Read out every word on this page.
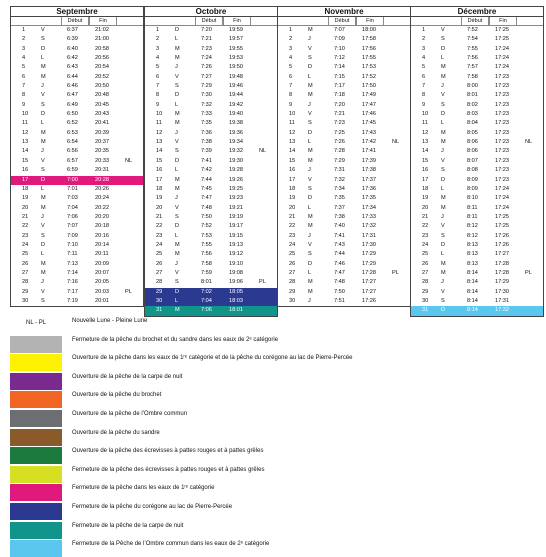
Septembre
Début	Fin
1	V	6:37	21:02
2	S	6:39	21:00
3	D	6:40	20:58
4	L	6:42	20:56
5	M	6:43	20:54
6	M	6:44	20:52
7	J	6:46	20:50
8	V	6:47	20:48
9	S	6:49	20:45
10 D	6:50	20:43
11 L	6:52	20:41
12 M	6:53	20:39
13 M	6:54	20:37
14 J	6:56	20:35
15 V	6:57	20:33	NL
16 S	6:59	20:31
17 D	7:00	20:28
18 L	7:01	20:26
19 M	7:03	20:24
20 M	7:04	20:22
21 J	7:06	20:20
22 V	7:07	20:18
23 S	7:09	20:16
24 D	7:10	20:14
25 L	7:11	20:11
26 M	7:13	20:09
27 M	7:14	20:07
28 J	7:16	20:05
29 V	7:17	20:03	PL
30 S	7:19	20:01
Octobre
Début	Fin
1	D	7:20	19:59
2	L	7:21	19:57
3	M	7:23	19:55
4	M	7:24	19:53
5	J	7:26	19:50
6	V	7:27	19:48
7	S	7:29	19:46
8	D	7:30	19:44
9	L	7:32	19:42
10 M	7:33	19:40
11 M	7:35	19:38
12 J	7:36	19:36
13 V	7:38	19:34
14 S	7:39	19:32	NL
15 D	7:41	19:30
16 L	7:42	19:28
17 M	7:44	19:26
18 M	7:45	19:25
19 J	7:47	19:23
20 V	7:48	19:21
21 S	7:50	19:19
22 D	7:52	19:17
23 L	7:53	19:15
24 M	7:55	19:13
25 M	7:56	19:12
26 J	7:58	19:10
27 V	7:59	19:08
28 S	8:01	19:06	PL
29 D	7:02	18:05
30 L	7:04	18:03
31 M	7:06	18:01
Novembre
Début	Fin
1	M	7:07	18:00
2	J	7:09	17:58
3	V	7:10	17:56
4	S	7:12	17:55
5	D	7:14	17:53
6	L	7:15	17:52
7	M	7:17	17:50
8	M	7:18	17:49
9	J	7:20	17:47
10 V	7:21	17:46
11 S	7:23	17:45
12 D	7:25	17:43
13 L	7:26	17:42	NL
14 M	7:28	17:41
15 M	7:29	17:39
16 J	7:31	17:38
17 V	7:32	17:37
18 S	7:34	17:36
19 D	7:35	17:35
20 L	7:37	17:34
21 M	7:38	17:33
22 M	7:40	17:32
23 J	7:41	17:31
24 V	7:43	17:30
25 S	7:44	17:29
26 D	7:46	17:29
27 L	7:47	17:28	PL
28 M	7:48	17:27
29 M	7:50	17:27
30 J	7:51	17:26
Décembre
Début	Fin
1	V	7:52	17:25
2	S	7:54	17:25
3	D	7:55	17:24
4	L	7:56	17:24
5	M	7:57	17:24
6	M	7:58	17:23
7	J	8:00	17:23
8	V	8:01	17:23
9	S	8:02	17:23
10 D	8:03	17:23
11 L	8:04	17:23
12 M	8:05	17:23
13 M	8:06	17:23	NL
14 J	8:06	17:23
15 V	8:07	17:23
16 S	8:08	17:23
17 D	8:09	17:23
18 L	8:09	17:24
19 M	8:10	17:24
20 M	8:11	17:24
21 J	8:11	17:25
22 V	8:12	17:25
23 S	8:12	17:26
24 D	8:13	17:26
25 L	8:13	17:27
26 M	8:13	17:28
27 M	8:14	17:28	PL
28 J	8:14	17:29
29 V	8:14	17:30
30 S	8:14	17:31
31 D	8:14	17:32
NL - PL	Nouvelle Lune - Pleine Lune
Fermeture de la pêche du brochet et du sandre dans les eaux de 2ᵉ catégorie
Ouverture de la pêche dans les eaux de 1ʳᵉ catégorie et de la pêche du corégone au lac de Pierre-Percée
Ouverture de la pêche de la carpe de nuit
Ouverture de la pêche du brochet
Ouverture de la pêche de l’Ombre commun
Ouverture de la pêche du sandre
Ouverture de la pêche des écrevisses à pattes rouges et à pattes grêles
Fermeture de la pêche des écrevisses à pattes rouges et à pattes grêles
Fermeture de la pêche dans les eaux de 1ʳᵉ catégorie
Fermeture de la pêche du corégone au lac de Pierre-Percée
Fermeture de la pêche de la carpe de nuit
Fermeture de la Pêche de l’Ombre commun dans les eaux de 2ᵉ catégorie
